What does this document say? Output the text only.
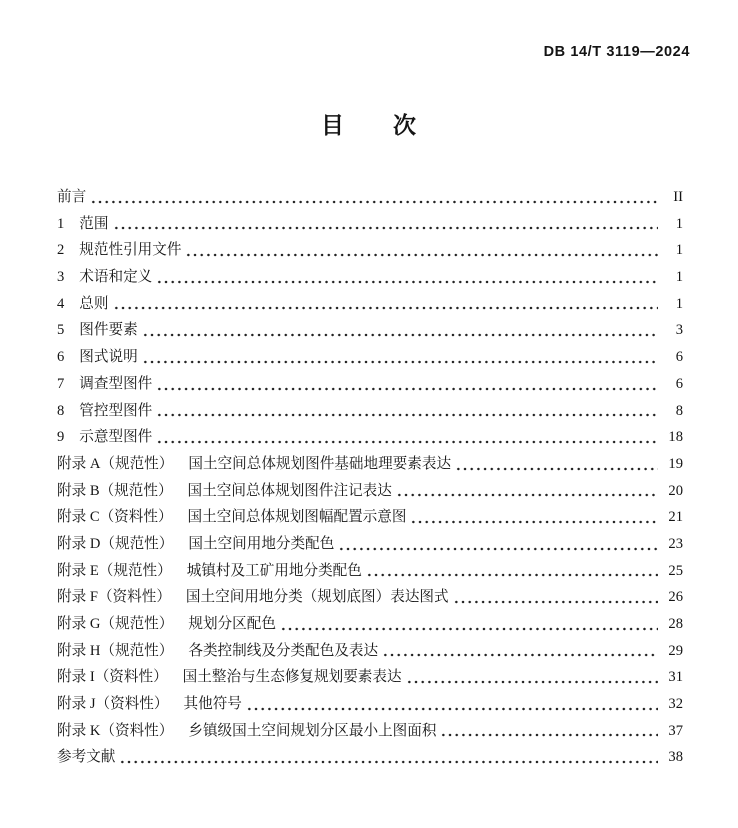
DB 14/T 3119—2024
目　　次
前言	II
1 范围	1
2 规范性引用文件	1
3 术语和定义	1
4 总则	1
5 图件要素	3
6 图式说明	6
7 调查型图件	6
8 管控型图件	8
9 示意型图件	18
附录 A（规范性） 国土空间总体规划图件基础地理要素表达	19
附录 B（规范性） 国土空间总体规划图件注记表达	20
附录 C（资料性） 国土空间总体规划图幅配置示意图	21
附录 D（规范性） 国土空间用地分类配色	23
附录 E（规范性） 城镇村及工矿用地分类配色	25
附录 F（资料性） 国土空间用地分类（规划底图）表达图式	26
附录 G（规范性） 规划分区配色	28
附录 H（规范性） 各类控制线及分类配色及表达	29
附录 I（资料性） 国土整治与生态修复规划要素表达	31
附录 J（资料性） 其他符号	32
附录 K（资料性） 乡镇级国土空间规划分区最小上图面积	37
参考文献	38
